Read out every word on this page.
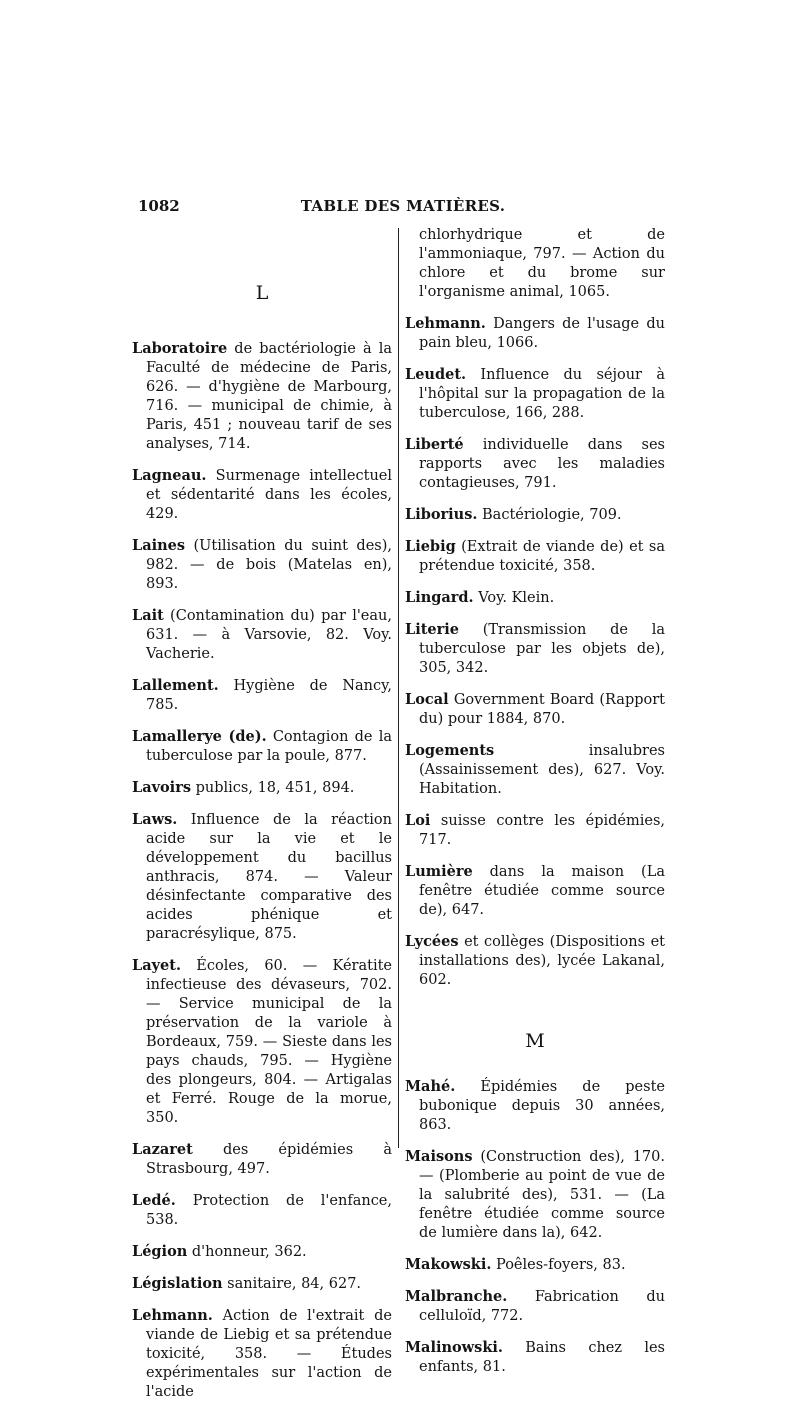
1082	TABLE DES MATIÈRES.

L

Laboratoire de bactériologie à la Faculté de médecine de Paris, 626. — d'hygiène de Marbourg, 716. — municipal de chimie, à Paris, 451 ; nouveau tarif de ses analyses, 714.
Lagneau. Surmenage intellectuel et sédentarité dans les écoles, 429.
Laines (Utilisation du suint des), 982. — de bois (Matelas en), 893.
Lait (Contamination du) par l'eau, 631. — à Varsovie, 82. Voy. Vacherie.
Lallement. Hygiène de Nancy, 785.
Lamallerye (de). Contagion de la tuberculose par la poule, 877.
Lavoirs publics, 18, 451, 894.
Laws. Influence de la réaction acide sur la vie et le développement du bacillus anthracis, 874. — Valeur désinfectante comparative des acides phénique et paracrésylique, 875.
Layet. Écoles, 60. — Kératite infectieuse des dévaseurs, 702. — Service municipal de la préservation de la variole à Bordeaux, 759. — Sieste dans les pays chauds, 795. — Hygiène des plongeurs, 804. — Artigalas et Ferré. Rouge de la morue, 350.
Lazaret des épidémies à Strasbourg, 497.
Ledé. Protection de l'enfance, 538.
Légion d'honneur, 362.
Législation sanitaire, 84, 627.
Lehmann. Action de l'extrait de viande de Liebig et sa prétendue toxicité, 358. — Études expérimentales sur l'action de l'acide
chlorhydrique et de l'ammoniaque, 797. — Action du chlore et du brome sur l'organisme animal, 1065.
Lehmann. Dangers de l'usage du pain bleu, 1066.
Leudet. Influence du séjour à l'hôpital sur la propagation de la tuberculose, 166, 288.
Liberté individuelle dans ses rapports avec les maladies contagieuses, 791.
Liborius. Bactériologie, 709.
Liebig (Extrait de viande de) et sa prétendue toxicité, 358.
Lingard. Voy. Klein.
Literie (Transmission de la tuberculose par les objets de), 305, 342.
Local Government Board (Rapport du) pour 1884, 870.
Logements insalubres (Assainissement des), 627. Voy. Habitation.
Loi suisse contre les épidémies, 717.
Lumière dans la maison (La fenêtre étudiée comme source de), 647.
Lycées et collèges (Dispositions et installations des), lycée Lakanal, 602.

M

Mahé. Épidémies de peste bubonique depuis 30 années, 863.
Maisons (Construction des), 170. — (Plomberie au point de vue de la salubrité des), 531. — (La fenêtre étudiée comme source de lumière dans la), 642.
Makowski. Poêles-foyers, 83.
Malbranche. Fabrication du celluloïd, 772.
Malinowski. Bains chez les enfants, 81.
